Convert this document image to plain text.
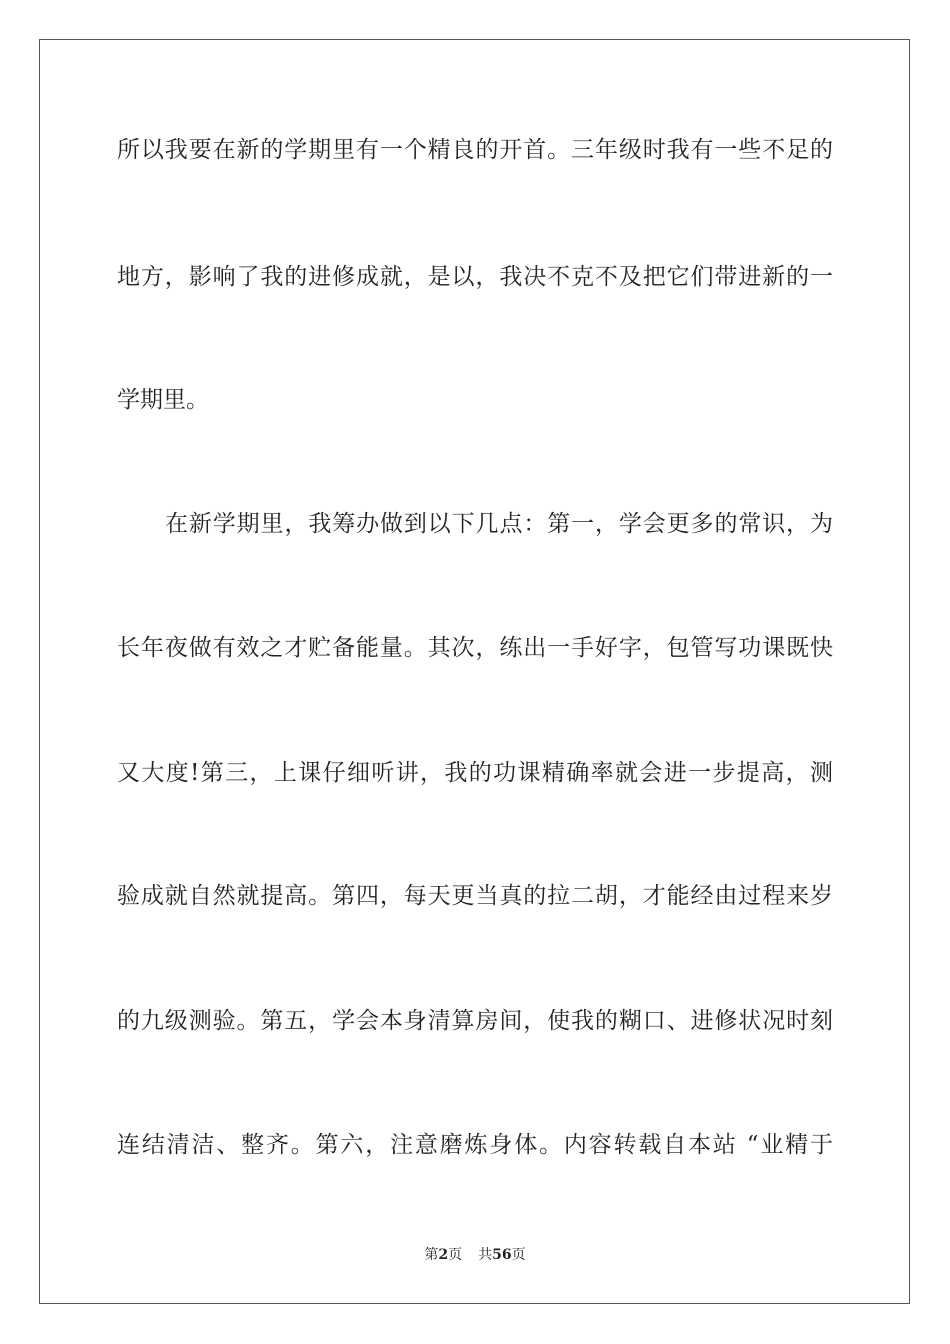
所以我要在新的学期里有一个精良的开首。三年级时我有一些不足的
地方，影响了我的进修成就，是以，我决不克不及把它们带进新的一
学期里。
在新学期里，我筹办做到以下几点：第一，学会更多的常识，为
长年夜做有效之才贮备能量。其次，练出一手好字，包管写功课既快
又大度!第三，上课仔细听讲，我的功课精确率就会进一步提高，测
验成就自然就提高。第四，每天更当真的拉二胡，才能经由过程来岁
的九级测验。第五，学会本身清算房间，使我的糊口、进修状况时刻
连结清洁、整齐。第六，注意磨炼身体。内容转载自本站 “业精于
第2页 共56页
